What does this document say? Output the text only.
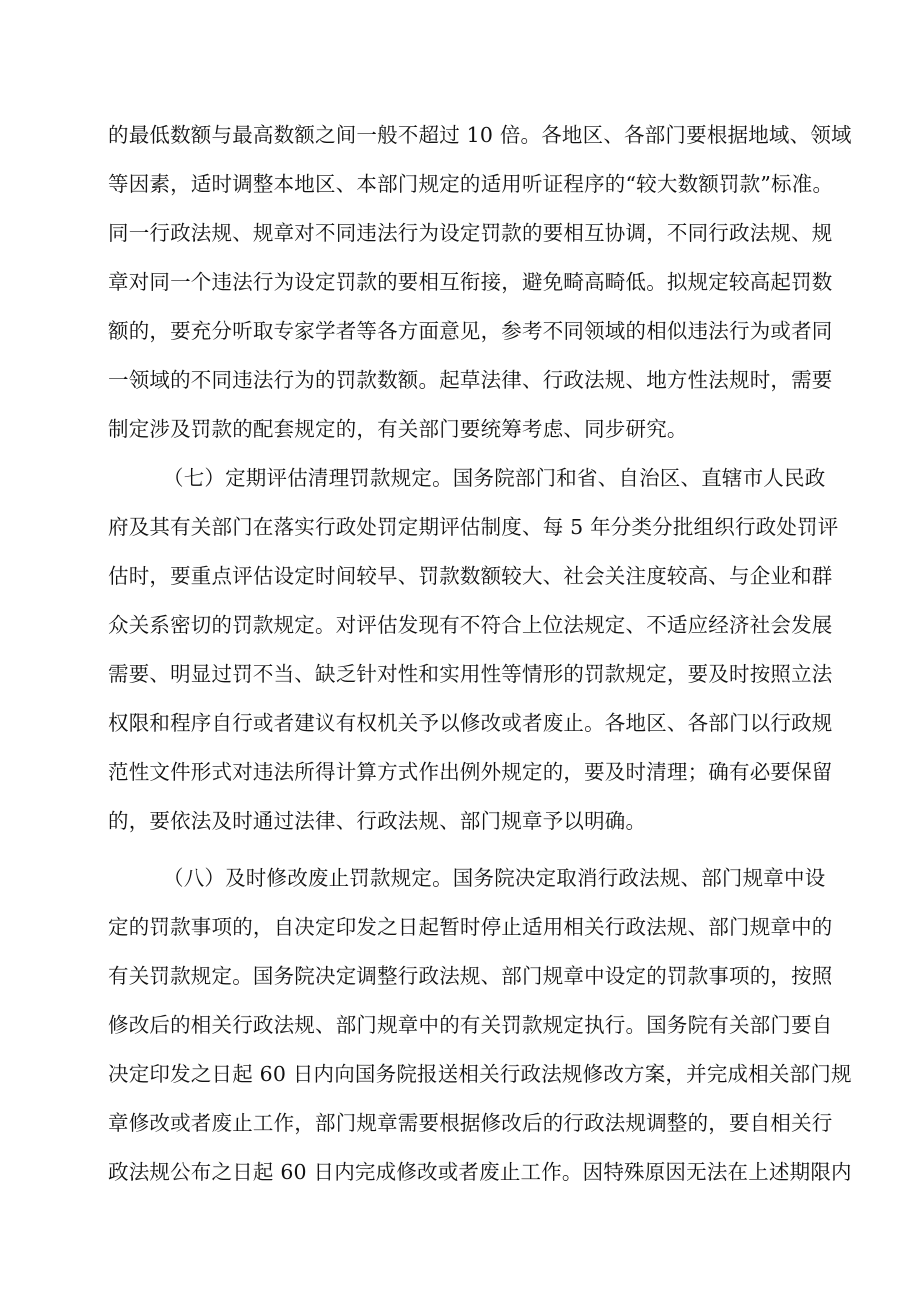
的最低数额与最高数额之间一般不超过 10 倍。各地区、各部门要根据地域、领域
等因素，适时调整本地区、本部门规定的适用听证程序的“较大数额罚款”标准。
同一行政法规、规章对不同违法行为设定罚款的要相互协调，不同行政法规、规
章对同一个违法行为设定罚款的要相互衔接，避免畸高畸低。拟规定较高起罚数
额的，要充分听取专家学者等各方面意见，参考不同领域的相似违法行为或者同
一领域的不同违法行为的罚款数额。起草法律、行政法规、地方性法规时，需要
制定涉及罚款的配套规定的，有关部门要统筹考虑、同步研究。
（七）定期评估清理罚款规定。国务院部门和省、自治区、直辖市人民政
府及其有关部门在落实行政处罚定期评估制度、每 5 年分类分批组织行政处罚评
估时，要重点评估设定时间较早、罚款数额较大、社会关注度较高、与企业和群
众关系密切的罚款规定。对评估发现有不符合上位法规定、不适应经济社会发展
需要、明显过罚不当、缺乏针对性和实用性等情形的罚款规定，要及时按照立法
权限和程序自行或者建议有权机关予以修改或者废止。各地区、各部门以行政规
范性文件形式对违法所得计算方式作出例外规定的，要及时清理；确有必要保留
的，要依法及时通过法律、行政法规、部门规章予以明确。
（八）及时修改废止罚款规定。国务院决定取消行政法规、部门规章中设
定的罚款事项的，自决定印发之日起暂时停止适用相关行政法规、部门规章中的
有关罚款规定。国务院决定调整行政法规、部门规章中设定的罚款事项的，按照
修改后的相关行政法规、部门规章中的有关罚款规定执行。国务院有关部门要自
决定印发之日起 60 日内向国务院报送相关行政法规修改方案，并完成相关部门规
章修改或者废止工作，部门规章需要根据修改后的行政法规调整的，要自相关行
政法规公布之日起 60 日内完成修改或者废止工作。因特殊原因无法在上述期限内
